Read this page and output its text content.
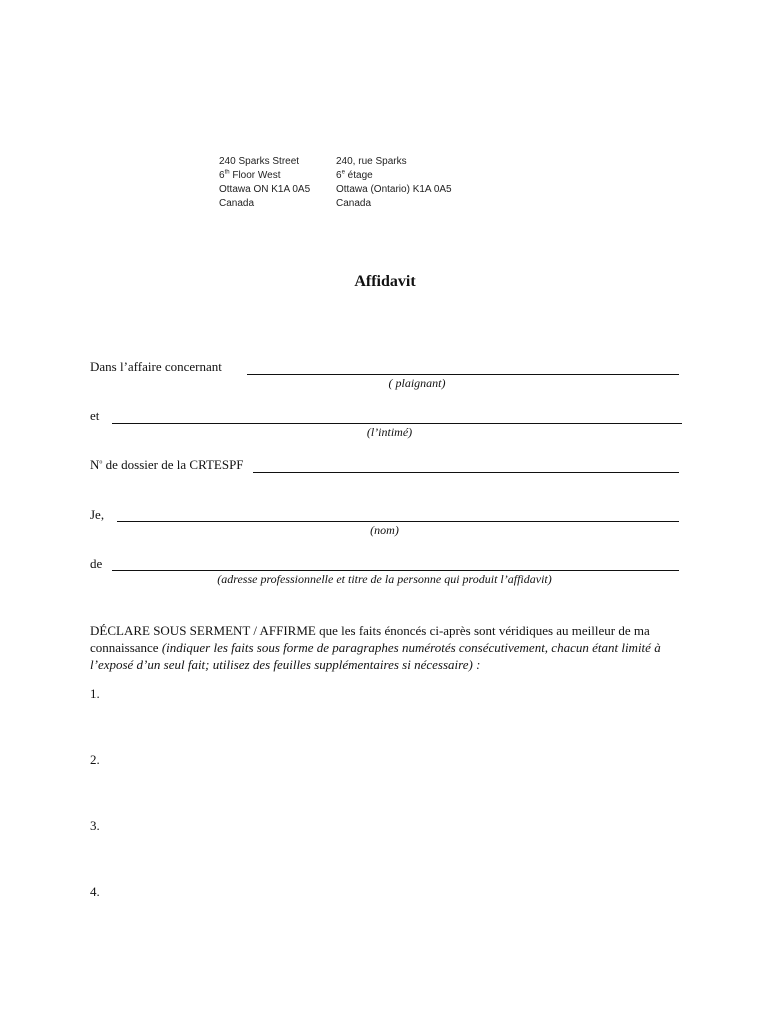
240 Sparks Street
6th Floor West
Ottawa ON K1A 0A5
Canada
240, rue Sparks
6e étage
Ottawa (Ontario) K1A 0A5
Canada
Affidavit
Dans l’affaire concernant
( plaignant)
et
(l’intimé)
$N^o$ de dossier de la CRTESPF
Je,
(nom)
de
(adresse professionnelle et titre de la personne qui produit l’affidavit)
DÉCLARE SOUS SERMENT / AFFIRME que les faits énoncés ci-après sont véridiques au meilleur de ma connaissance (indiquer les faits sous forme de paragraphes numérotés consécutivement, chacun étant limité à l’exposé d’un seul fait; utilisez des feuilles supplémentaires si nécessaire) :
1.
2.
3.
4.
